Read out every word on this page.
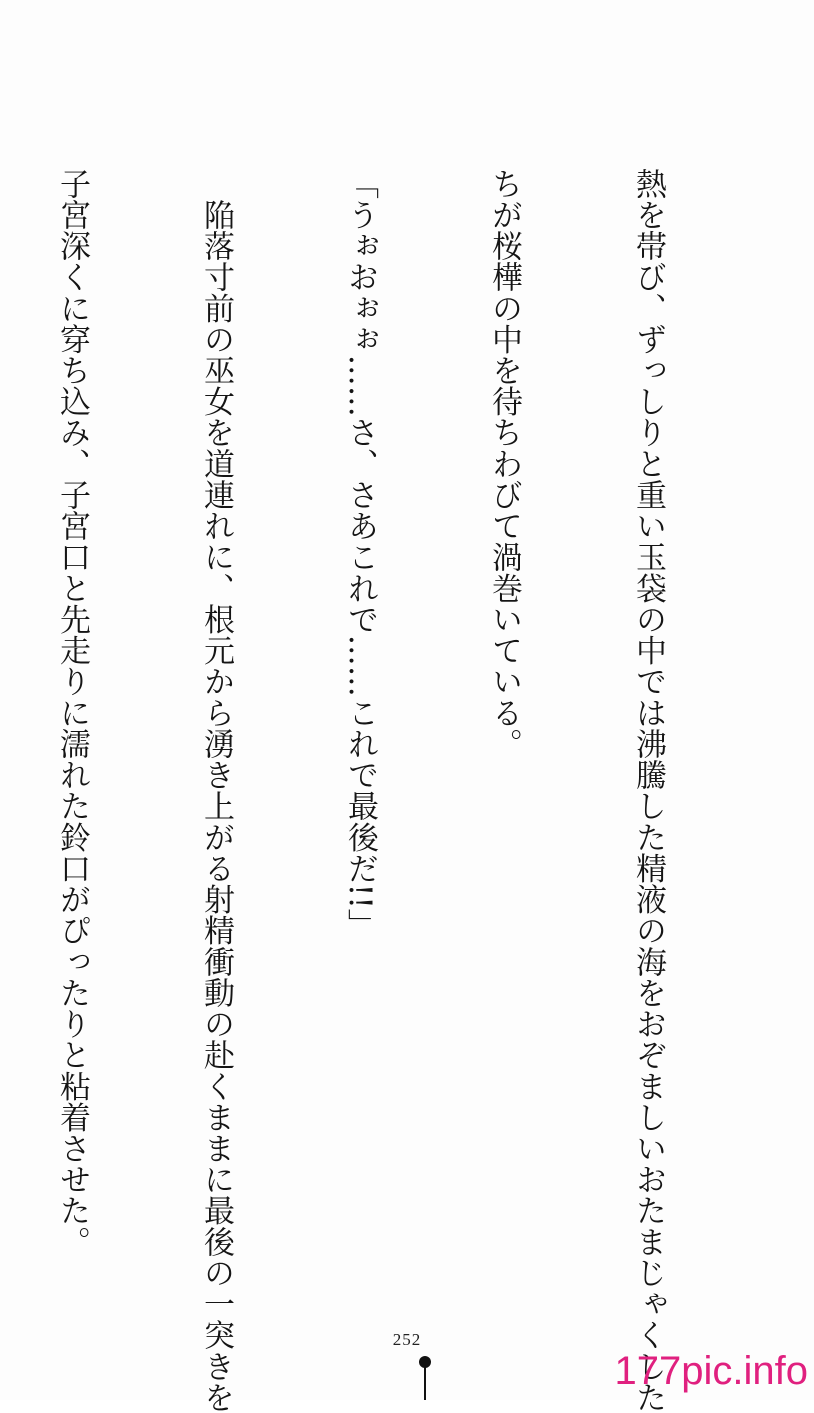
熱を帯び、ずっしりと重い玉袋の中では沸騰した精液の海をおぞましいおたまじゃくした

ちが桜樺の中を待ちわびて渦巻いている。

「うぉおぉぉ……さ、さあこれで……これで最後だ!!」

　陥落寸前の巫女を道連れに、根元から湧き上がる射精衝動の赴くままに最後の一突きを

子宮深くに穿ち込み、子宮口と先走りに濡れた鈴口がぴったりと粘着させた。

252
177pic.info
